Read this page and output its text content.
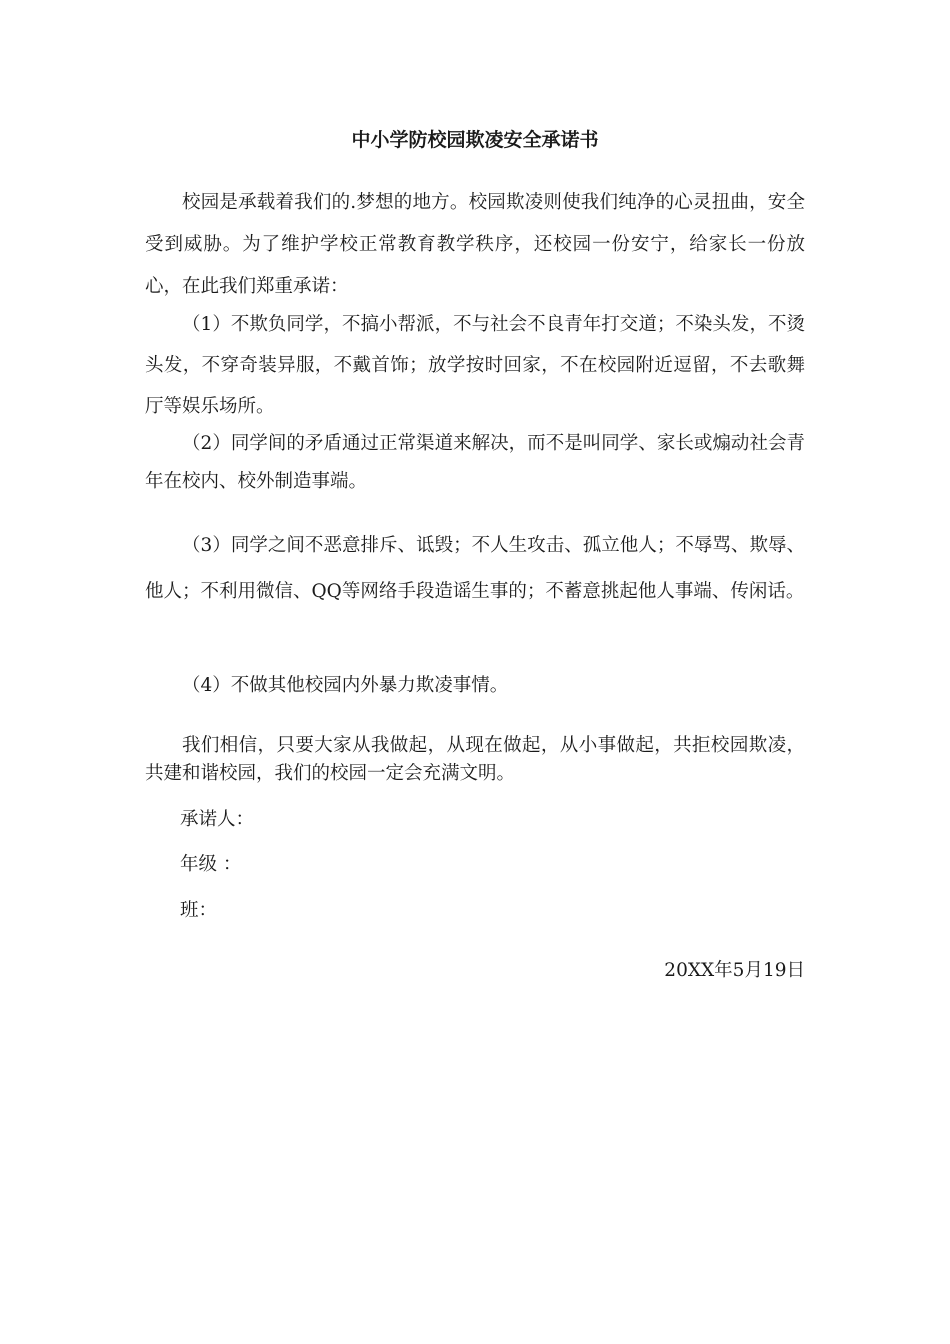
中小学防校园欺凌安全承诺书

校园是承载着我们的.梦想的地方。校园欺凌则使我们纯净的心灵扭曲，安全受到威胁。为了维护学校正常教育教学秩序，还校园一份安宁，给家长一份放心，在此我们郑重承诺：

（1）不欺负同学，不搞小帮派，不与社会不良青年打交道；不染头发，不烫头发，不穿奇装异服，不戴首饰；放学按时回家，不在校园附近逗留，不去歌舞厅等娱乐场所。

（2）同学间的矛盾通过正常渠道来解决，而不是叫同学、家长或煽动社会青年在校内、校外制造事端。

（3）同学之间不恶意排斥、诋毁；不人生攻击、孤立他人；不辱骂、欺辱、他人；不利用微信、QQ等网络手段造谣生事的；不蓄意挑起他人事端、传闲话。

（4）不做其他校园内外暴力欺凌事情。

我们相信，只要大家从我做起，从现在做起，从小事做起，共拒校园欺凌，共建和谐校园，我们的校园一定会充满文明。

承诺人：

年级 ：

班：

20XX年5月19日
